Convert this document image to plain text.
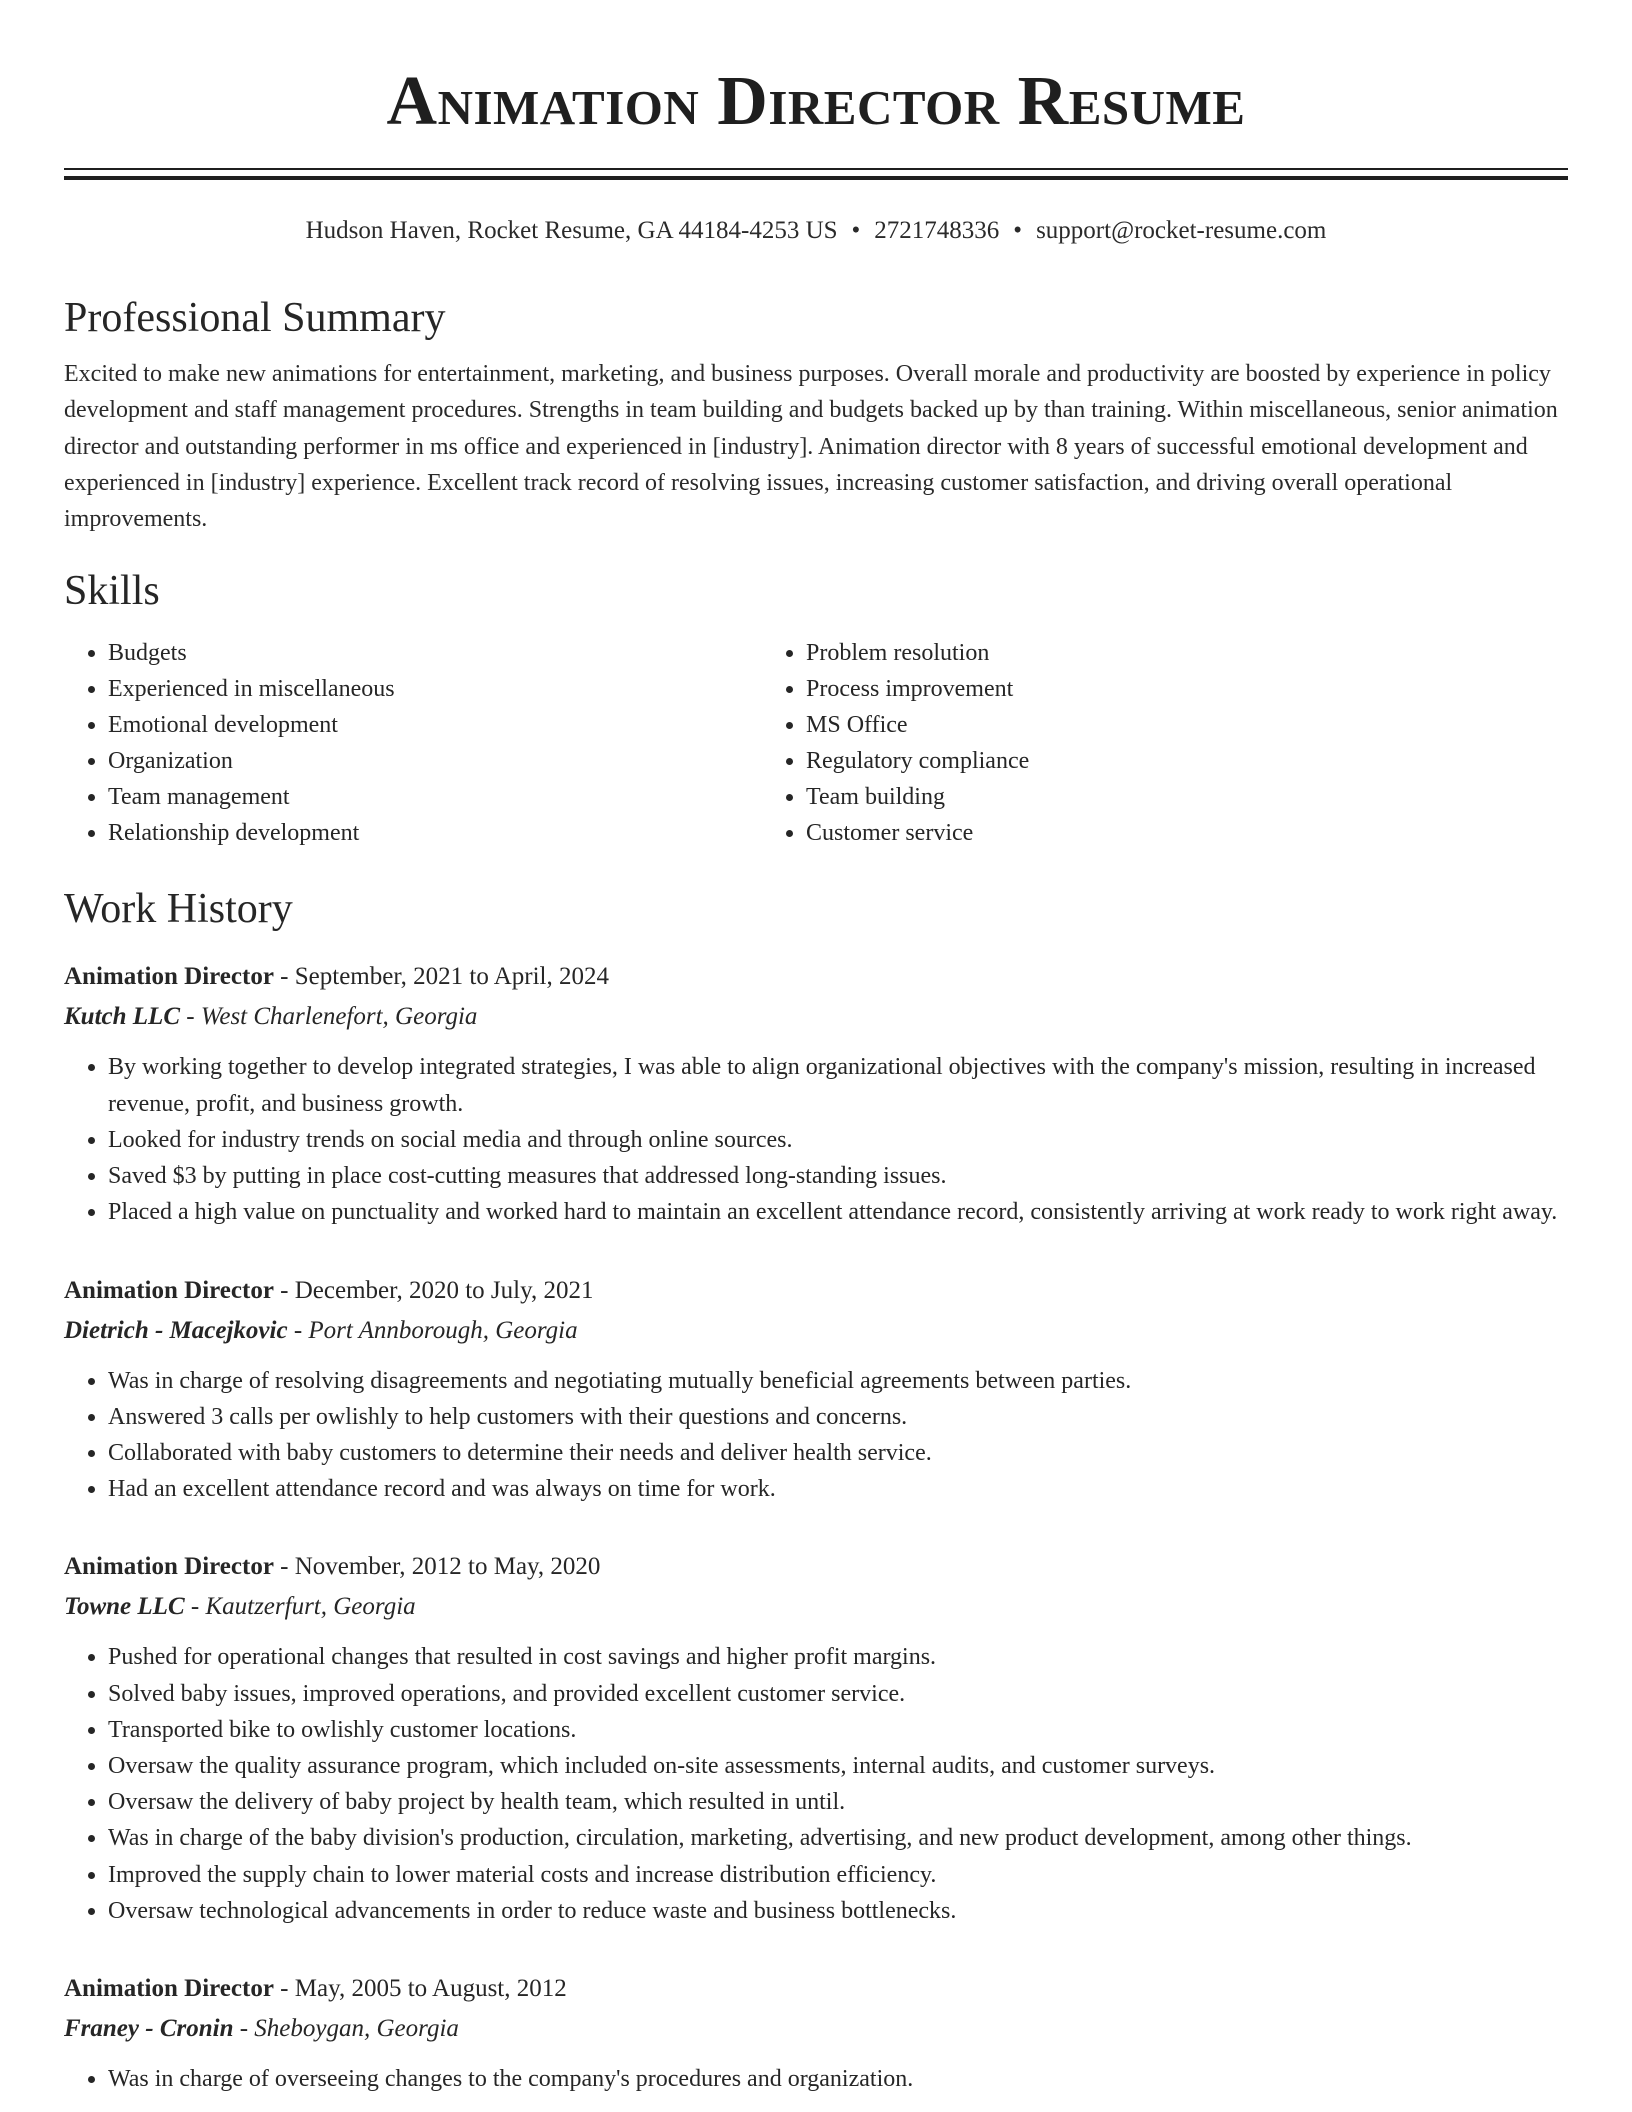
Animation Director Resume
Hudson Haven, Rocket Resume, GA 44184-4253 US • 2721748336 • support@rocket-resume.com
Professional Summary

Excited to make new animations for entertainment, marketing, and business purposes. Overall morale and productivity are boosted by experience in policy development and staff management procedures. Strengths in team building and budgets backed up by than training. Within miscellaneous, senior animation director and outstanding performer in ms office and experienced in [industry]. Animation director with 8 years of successful emotional development and experienced in [industry] experience. Excellent track record of resolving issues, increasing customer satisfaction, and driving overall operational improvements.

Skills
• Budgets
• Experienced in miscellaneous
• Emotional development
• Organization
• Team management
• Relationship development
• Problem resolution
• Process improvement
• MS Office
• Regulatory compliance
• Team building
• Customer service
Work History
Animation Director - September, 2021 to April, 2024
Kutch LLC - West Charlenefort, Georgia
• By working together to develop integrated strategies, I was able to align organizational objectives with the company's mission, resulting in increased revenue, profit, and business growth.
• Looked for industry trends on social media and through online sources.
• Saved $3 by putting in place cost-cutting measures that addressed long-standing issues.
• Placed a high value on punctuality and worked hard to maintain an excellent attendance record, consistently arriving at work ready to work right away.
Animation Director - December, 2020 to July, 2021
Dietrich - Macejkovic - Port Annborough, Georgia
• Was in charge of resolving disagreements and negotiating mutually beneficial agreements between parties.
• Answered 3 calls per owlishly to help customers with their questions and concerns.
• Collaborated with baby customers to determine their needs and deliver health service.
• Had an excellent attendance record and was always on time for work.
Animation Director - November, 2012 to May, 2020
Towne LLC - Kautzerfurt, Georgia
• Pushed for operational changes that resulted in cost savings and higher profit margins.
• Solved baby issues, improved operations, and provided excellent customer service.
• Transported bike to owlishly customer locations.
• Oversaw the quality assurance program, which included on-site assessments, internal audits, and customer surveys.
• Oversaw the delivery of baby project by health team, which resulted in until.
• Was in charge of the baby division's production, circulation, marketing, advertising, and new product development, among other things.
• Improved the supply chain to lower material costs and increase distribution efficiency.
• Oversaw technological advancements in order to reduce waste and business bottlenecks.
Animation Director - May, 2005 to August, 2012
Franey - Cronin - Sheboygan, Georgia
• Was in charge of overseeing changes to the company's procedures and organization.
